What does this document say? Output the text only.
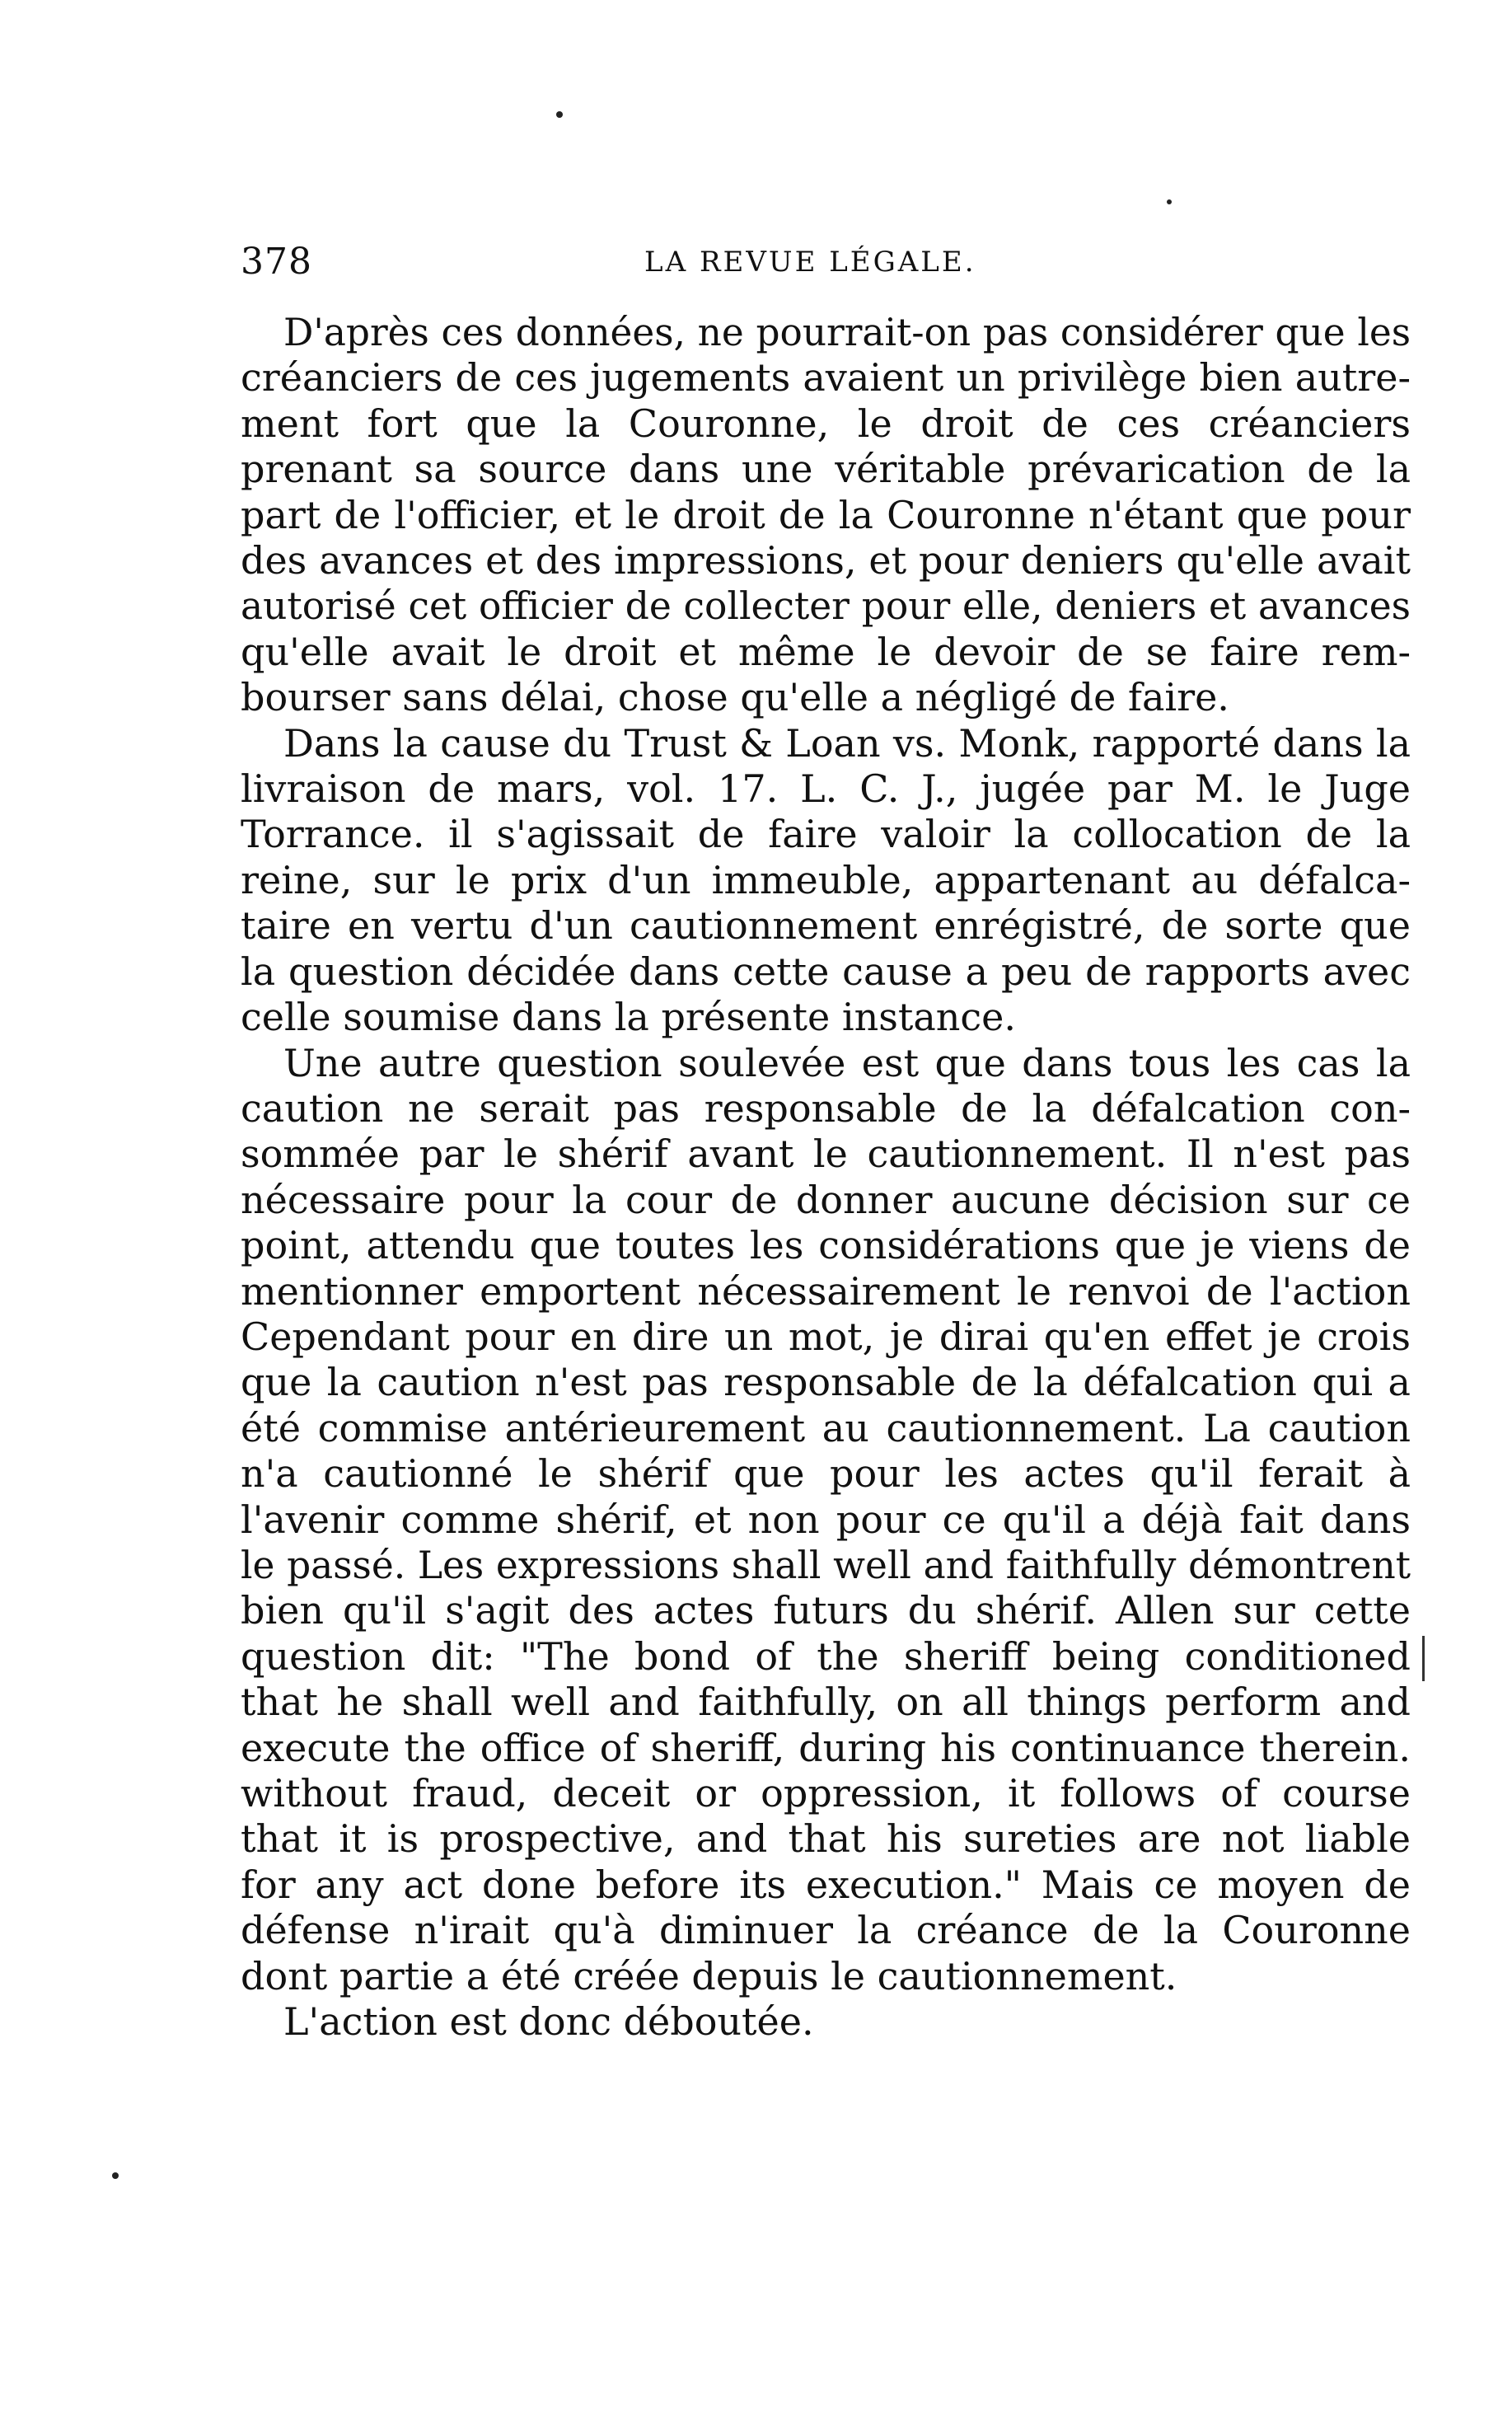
378	LA REVUE LÉGALE.

D'après ces données, ne pourrait-on pas considérer que les
créanciers de ces jugements avaient un privilège bien autre-
ment fort que la Couronne, le droit de ces créanciers
prenant sa source dans une véritable prévarication de la
part de l'officier, et le droit de la Couronne n'étant que pour
des avances et des impressions, et pour deniers qu'elle avait
autorisé cet officier de collecter pour elle, deniers et avances
qu'elle avait le droit et même le devoir de se faire rem-
bourser sans délai, chose qu'elle a négligé de faire.

Dans la cause du Trust & Loan vs. Monk, rapporté dans la
livraison de mars, vol. 17. L. C. J., jugée par M. le Juge
Torrance. il s'agissait de faire valoir la collocation de la
reine, sur le prix d'un immeuble, appartenant au défalca-
taire en vertu d'un cautionnement enrégistré, de sorte que
la question décidée dans cette cause a peu de rapports avec
celle soumise dans la présente instance.

Une autre question soulevée est que dans tous les cas la
caution ne serait pas responsable de la défalcation con-
sommée par le shérif avant le cautionnement. Il n'est pas
nécessaire pour la cour de donner aucune décision sur ce
point, attendu que toutes les considérations que je viens de
mentionner emportent nécessairement le renvoi de l'action
Cependant pour en dire un mot, je dirai qu'en effet je crois
que la caution n'est pas responsable de la défalcation qui a
été commise antérieurement au cautionnement. La caution
n'a cautionné le shérif que pour les actes qu'il ferait à
l'avenir comme shérif, et non pour ce qu'il a déjà fait dans
le passé. Les expressions shall well and faithfully démontrent
bien qu'il s'agit des actes futurs du shérif. Allen sur cette
question dit: "The bond of the sheriff being conditioned
that he shall well and faithfully, on all things perform and
execute the office of sheriff, during his continuance therein.
without fraud, deceit or oppression, it follows of course
that it is prospective, and that his sureties are not liable
for any act done before its execution." Mais ce moyen de
défense n'irait qu'à diminuer la créance de la Couronne
dont partie a été créée depuis le cautionnement.

L'action est donc déboutée.
